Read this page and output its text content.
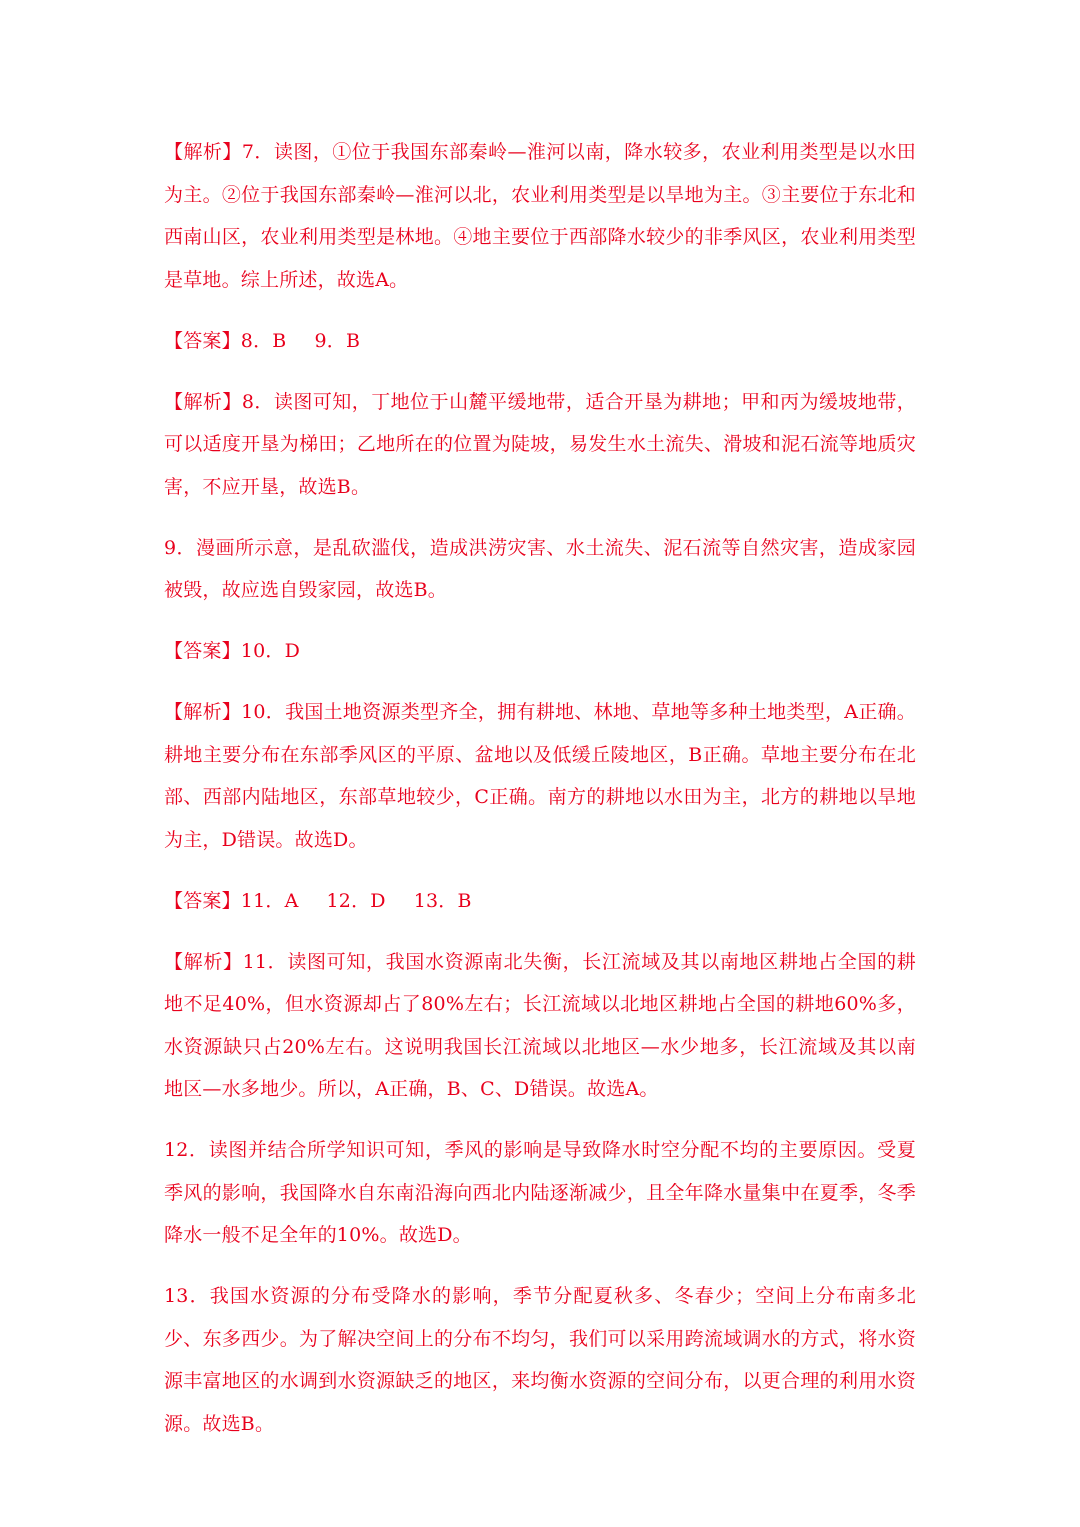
【解析】7．读图，①位于我国东部秦岭—淮河以南，降水较多，农业利用类型是以水田为主。②位于我国东部秦岭—淮河以北，农业利用类型是以旱地为主。③主要位于东北和西南山区，农业利用类型是林地。④地主要位于西部降水较少的非季风区，农业利用类型是草地。综上所述，故选A。

【答案】8．B 9．B

【解析】8．读图可知，丁地位于山麓平缓地带，适合开垦为耕地；甲和丙为缓坡地带，可以适度开垦为梯田；乙地所在的位置为陡坡，易发生水土流失、滑坡和泥石流等地质灾害，不应开垦，故选B。

9．漫画所示意，是乱砍滥伐，造成洪涝灾害、水土流失、泥石流等自然灾害，造成家园被毁，故应选自毁家园，故选B。

【答案】10．D

【解析】10．我国土地资源类型齐全，拥有耕地、林地、草地等多种土地类型，A正确。耕地主要分布在东部季风区的平原、盆地以及低缓丘陵地区，B正确。草地主要分布在北部、西部内陆地区，东部草地较少，C正确。南方的耕地以水田为主，北方的耕地以旱地为主，D错误。故选D。

【答案】11．A 12．D 13．B

【解析】11．读图可知，我国水资源南北失衡，长江流域及其以南地区耕地占全国的耕地不足40%，但水资源却占了80%左右；长江流域以北地区耕地占全国的耕地60%多，水资源缺只占20%左右。这说明我国长江流域以北地区—水少地多，长江流域及其以南地区—水多地少。所以，A正确，B、C、D错误。故选A。

12．读图并结合所学知识可知，季风的影响是导致降水时空分配不均的主要原因。受夏季风的影响，我国降水自东南沿海向西北内陆逐渐减少，且全年降水量集中在夏季，冬季降水一般不足全年的10%。故选D。

13．我国水资源的分布受降水的影响，季节分配夏秋多、冬春少；空间上分布南多北少、东多西少。为了解决空间上的分布不均匀，我们可以采用跨流域调水的方式，将水资源丰富地区的水调到水资源缺乏的地区，来均衡水资源的空间分布，以更合理的利用水资源。故选B。
